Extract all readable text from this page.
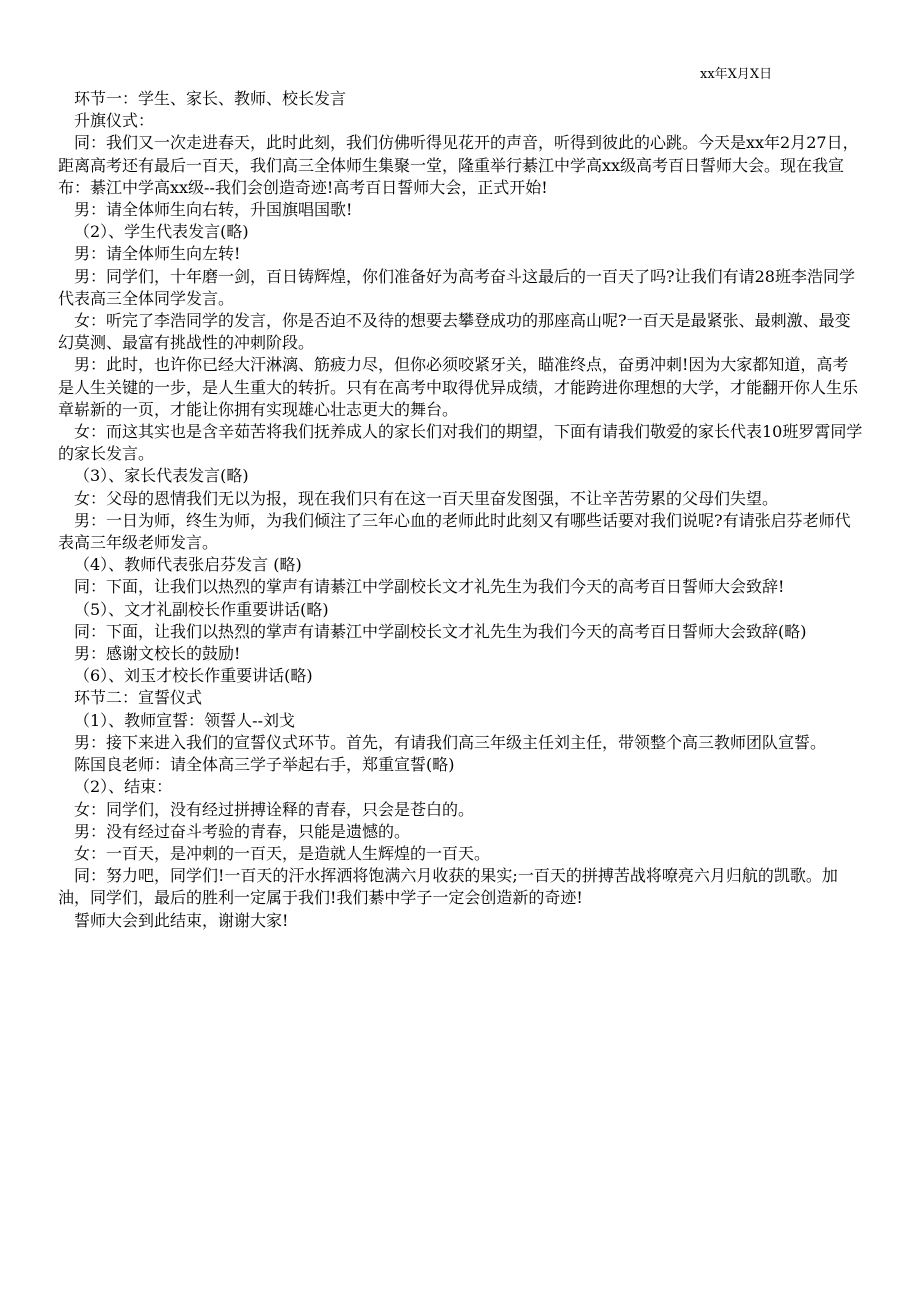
xx年X月X日

环节一：学生、家长、教师、校长发言

升旗仪式：

同：我们又一次走进春天，此时此刻，我们仿佛听得见花开的声音，听得到彼此的心跳。今天是xx年2月27日，距离高考还有最后一百天，我们高三全体师生集聚一堂，隆重举行綦江中学高xx级高考百日誓师大会。现在我宣布：綦江中学高xx级--我们会创造奇迹!高考百日誓师大会，正式开始!

男：请全体师生向右转，升国旗唱国歌!

（2）、学生代表发言(略)

男：请全体师生向左转!

男：同学们，十年磨一剑，百日铸辉煌，你们准备好为高考奋斗这最后的一百天了吗?让我们有请28班李浩同学代表高三全体同学发言。

女：听完了李浩同学的发言，你是否迫不及待的想要去攀登成功的那座高山呢?一百天是最紧张、最刺激、最变幻莫测、最富有挑战性的冲刺阶段。

男：此时，也许你已经大汗淋漓、筋疲力尽，但你必须咬紧牙关，瞄准终点，奋勇冲刺!因为大家都知道，高考是人生关键的一步，是人生重大的转折。只有在高考中取得优异成绩，才能跨进你理想的大学，才能翻开你人生乐章崭新的一页，才能让你拥有实现雄心壮志更大的舞台。

女：而这其实也是含辛茹苦将我们抚养成人的家长们对我们的期望，下面有请我们敬爱的家长代表10班罗霄同学的家长发言。

（3）、家长代表发言(略)

女：父母的恩情我们无以为报，现在我们只有在这一百天里奋发图强，不让辛苦劳累的父母们失望。

男：一日为师，终生为师，为我们倾注了三年心血的老师此时此刻又有哪些话要对我们说呢?有请张启芬老师代表高三年级老师发言。

（4）、教师代表张启芬发言 (略)

同：下面，让我们以热烈的掌声有请綦江中学副校长文才礼先生为我们今天的高考百日誓师大会致辞!

（5）、文才礼副校长作重要讲话(略)

同：下面，让我们以热烈的掌声有请綦江中学副校长文才礼先生为我们今天的高考百日誓师大会致辞(略)

男：感谢文校长的鼓励!

（6）、刘玉才校长作重要讲话(略)

环节二：宣誓仪式

（1）、教师宣誓：领誓人--刘戈

男：接下来进入我们的宣誓仪式环节。首先，有请我们高三年级主任刘主任，带领整个高三教师团队宣誓。

陈国良老师：请全体高三学子举起右手，郑重宣誓(略)

（2）、结束：

女：同学们，没有经过拼搏诠释的青春，只会是苍白的。

男：没有经过奋斗考验的青春，只能是遗憾的。

女：一百天，是冲刺的一百天，是造就人生辉煌的一百天。

同：努力吧，同学们!一百天的汗水挥洒将饱满六月收获的果实;一百天的拼搏苦战将嘹亮六月归航的凯歌。加油，同学们，最后的胜利一定属于我们!我们綦中学子一定会创造新的奇迹!

誓师大会到此结束，谢谢大家!
